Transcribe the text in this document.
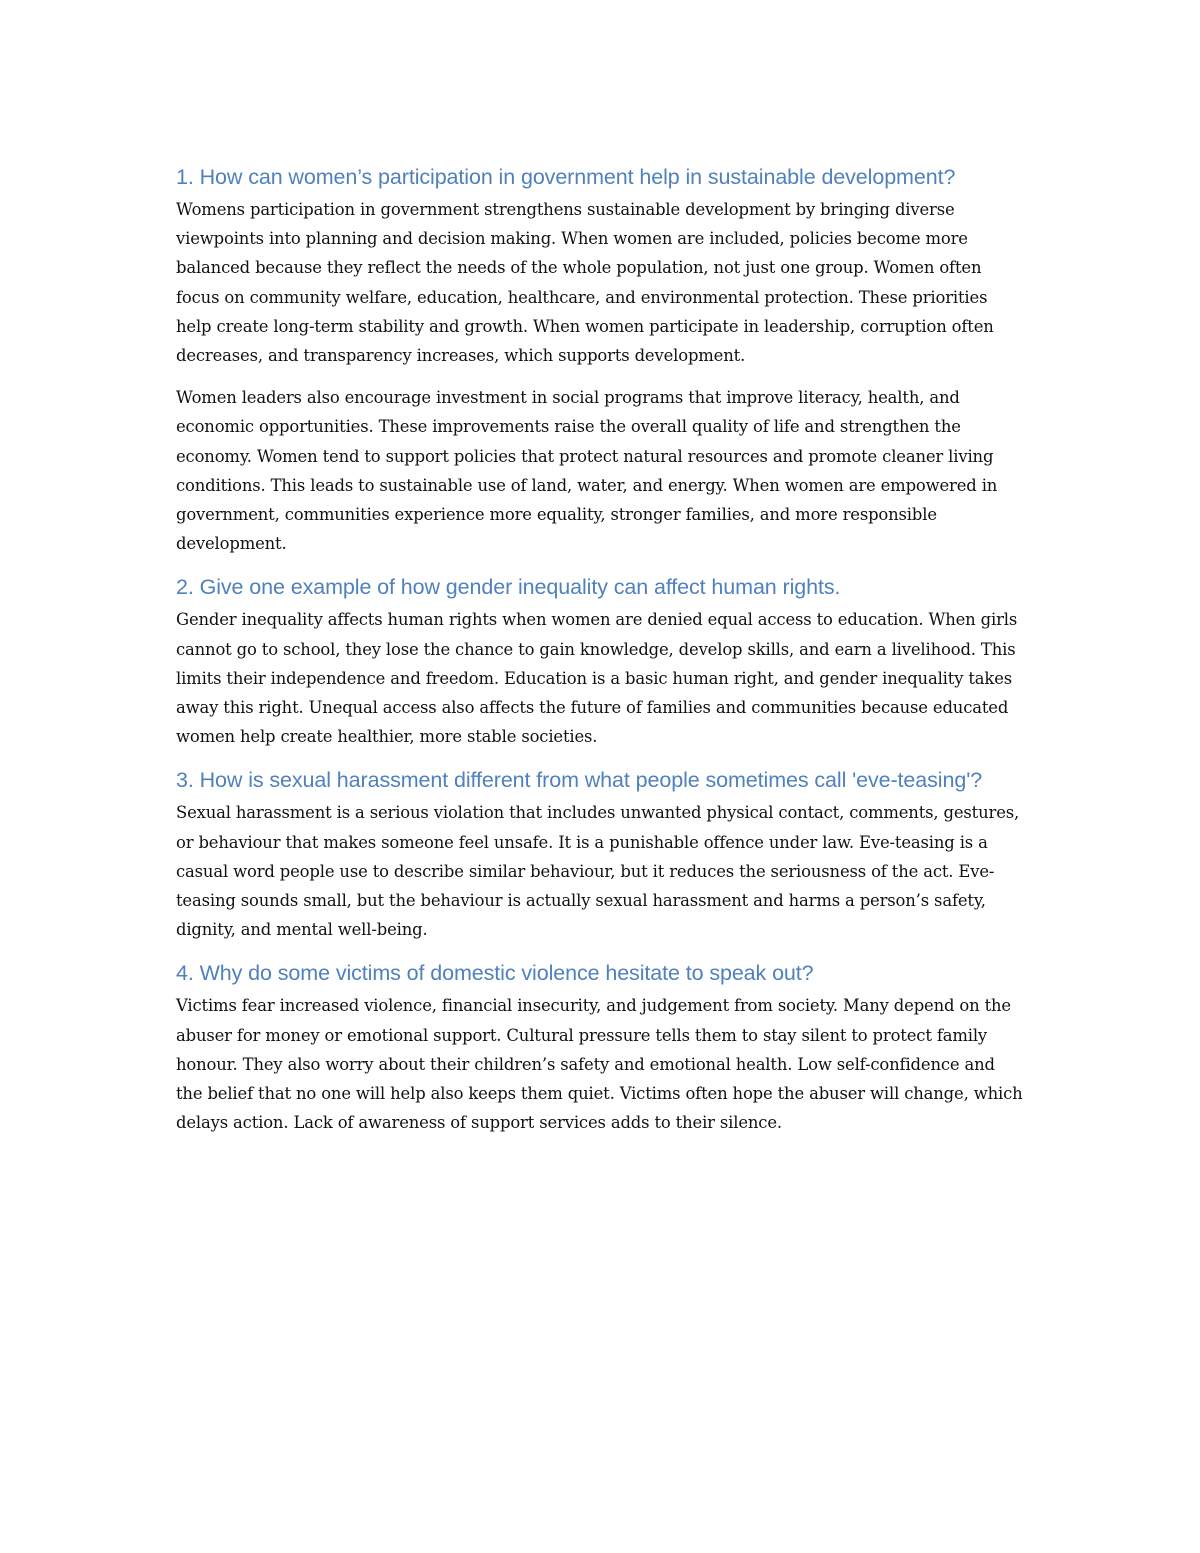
1. How can women’s participation in government help in sustainable development?

Womens participation in government strengthens sustainable development by bringing diverse viewpoints into planning and decision making. When women are included, policies become more balanced because they reflect the needs of the whole population, not just one group. Women often focus on community welfare, education, healthcare, and environmental protection. These priorities help create long-term stability and growth. When women participate in leadership, corruption often decreases, and transparency increases, which supports development.

Women leaders also encourage investment in social programs that improve literacy, health, and economic opportunities. These improvements raise the overall quality of life and strengthen the economy. Women tend to support policies that protect natural resources and promote cleaner living conditions. This leads to sustainable use of land, water, and energy. When women are empowered in government, communities experience more equality, stronger families, and more responsible development.

2. Give one example of how gender inequality can affect human rights.

Gender inequality affects human rights when women are denied equal access to education. When girls cannot go to school, they lose the chance to gain knowledge, develop skills, and earn a livelihood. This limits their independence and freedom. Education is a basic human right, and gender inequality takes away this right. Unequal access also affects the future of families and communities because educated women help create healthier, more stable societies.

3. How is sexual harassment different from what people sometimes call 'eve-teasing'?

Sexual harassment is a serious violation that includes unwanted physical contact, comments, gestures, or behaviour that makes someone feel unsafe. It is a punishable offence under law. Eve-teasing is a casual word people use to describe similar behaviour, but it reduces the seriousness of the act. Eve-teasing sounds small, but the behaviour is actually sexual harassment and harms a person’s safety, dignity, and mental well-being.

4. Why do some victims of domestic violence hesitate to speak out?

Victims fear increased violence, financial insecurity, and judgement from society. Many depend on the abuser for money or emotional support. Cultural pressure tells them to stay silent to protect family honour. They also worry about their children’s safety and emotional health. Low self-confidence and the belief that no one will help also keeps them quiet. Victims often hope the abuser will change, which delays action. Lack of awareness of support services adds to their silence.
